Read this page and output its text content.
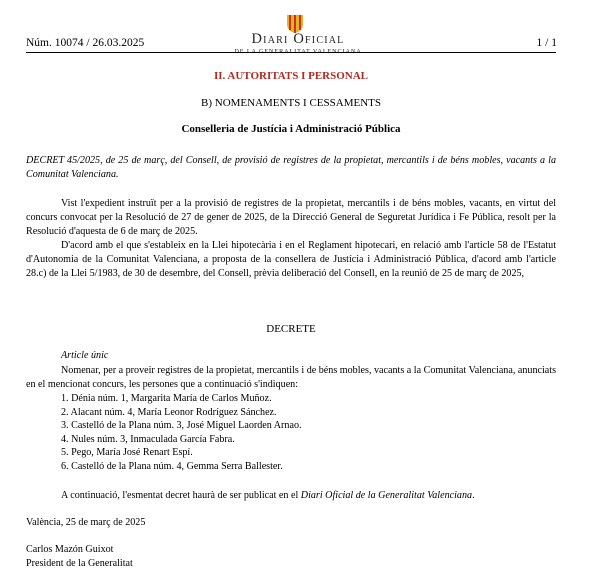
Núm. 10074 / 26.03.2025	Diari Oficial
DE LA GENERALITAT VALENCIANA
1 / 1
II. AUTORITATS I PERSONAL
B) NOMENAMENTS I CESSAMENTS
Conselleria de Justícia i Administració Pública
DECRET 45/2025, de 25 de març, del Consell, de provisió de registres de la propietat, mercantils i de béns mobles, vacants a la Comunitat Valenciana.
Vist l'expedient instruït per a la provisió de registres de la propietat, mercantils i de béns mobles, vacants, en virtut del concurs convocat per la Resolució de 27 de gener de 2025, de la Direcció General de Seguretat Jurídica i Fe Pública, resolt per la Resolució d'aquesta de 6 de març de 2025.
D'acord amb el que s'estableix en la Llei hipotecària i en el Reglament hipotecari, en relació amb l'article 58 de l'Estatut d'Autonomia de la Comunitat Valenciana, a proposta de la consellera de Justícia i Administració Pública, d'acord amb l'article 28.c) de la Llei 5/1983, de 30 de desembre, del Consell, prèvia deliberació del Consell, en la reunió de 25 de març de 2025,
DECRETE
Article únic
Nomenar, per a proveir registres de la propietat, mercantils i de béns mobles, vacants a la Comunitat Valenciana, anunciats en el mencionat concurs, les persones que a continuació s'indiquen:
1. Dénia núm. 1, Margarita María de Carlos Muñoz.
2. Alacant núm. 4, María Leonor Rodríguez Sánchez.
3. Castelló de la Plana núm. 3, José Miguel Laorden Arnao.
4. Nules núm. 3, Inmaculada García Fabra.
5. Pego, María José Renart Espí.
6. Castelló de la Plana núm. 4, Gemma Serra Ballester.
A continuació, l'esmentat decret haurà de ser publicat en el Diari Oficial de la Generalitat Valenciana.
València, 25 de març de 2025
Carlos Mazón Guixot
President de la Generalitat
